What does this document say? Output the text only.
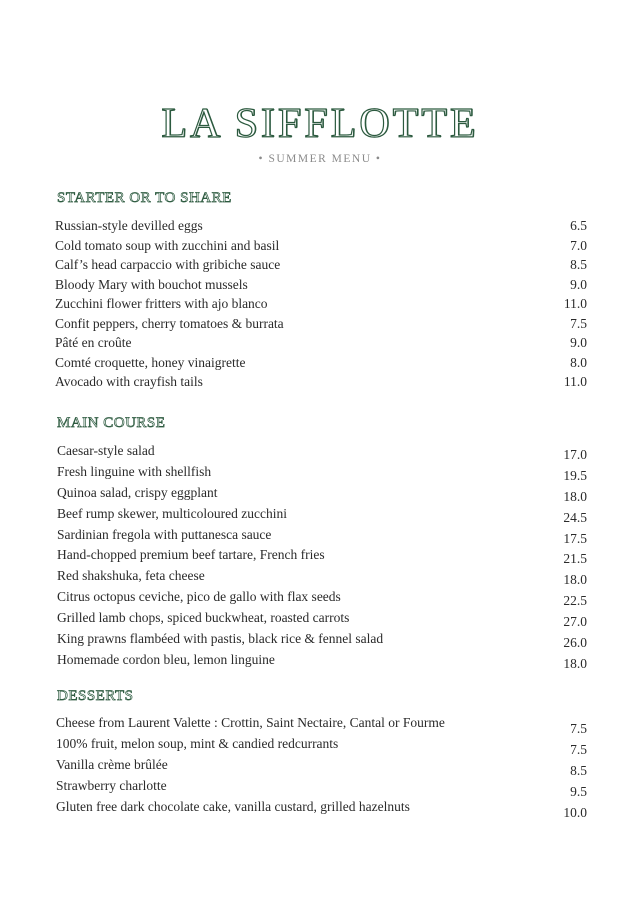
LA SIFFLOTTE
• SUMMER MENU •
STARTER OR TO SHARE
Russian-style devilled eggs	6.5
Cold tomato soup with zucchini and basil	7.0
Calf’s head carpaccio with gribiche sauce	8.5
Bloody Mary with bouchot mussels	9.0
Zucchini flower fritters with ajo blanco	11.0
Confit peppers, cherry tomatoes & burrata	7.5
Pâté en croûte	9.0
Comté croquette, honey vinaigrette	8.0
Avocado with crayfish tails	11.0
MAIN COURSE
Caesar-style salad	17.0
Fresh linguine with shellfish	19.5
Quinoa salad, crispy eggplant	18.0
Beef rump skewer, multicoloured zucchini	24.5
Sardinian fregola with puttanesca sauce	17.5
Hand-chopped premium beef tartare, French fries	21.5
Red shakshuka, feta cheese	18.0
Citrus octopus ceviche, pico de gallo with flax seeds	22.5
Grilled lamb chops, spiced buckwheat, roasted carrots	27.0
King prawns flambéed with pastis, black rice & fennel salad	26.0
Homemade cordon bleu, lemon linguine	18.0
DESSERTS
Cheese from Laurent Valette : Crottin, Saint Nectaire, Cantal or Fourme	7.5
100% fruit, melon soup, mint & candied redcurrants	7.5
Vanilla crème brûlée	8.5
Strawberry charlotte	9.5
Gluten free dark chocolate cake, vanilla custard, grilled hazelnuts	10.0
